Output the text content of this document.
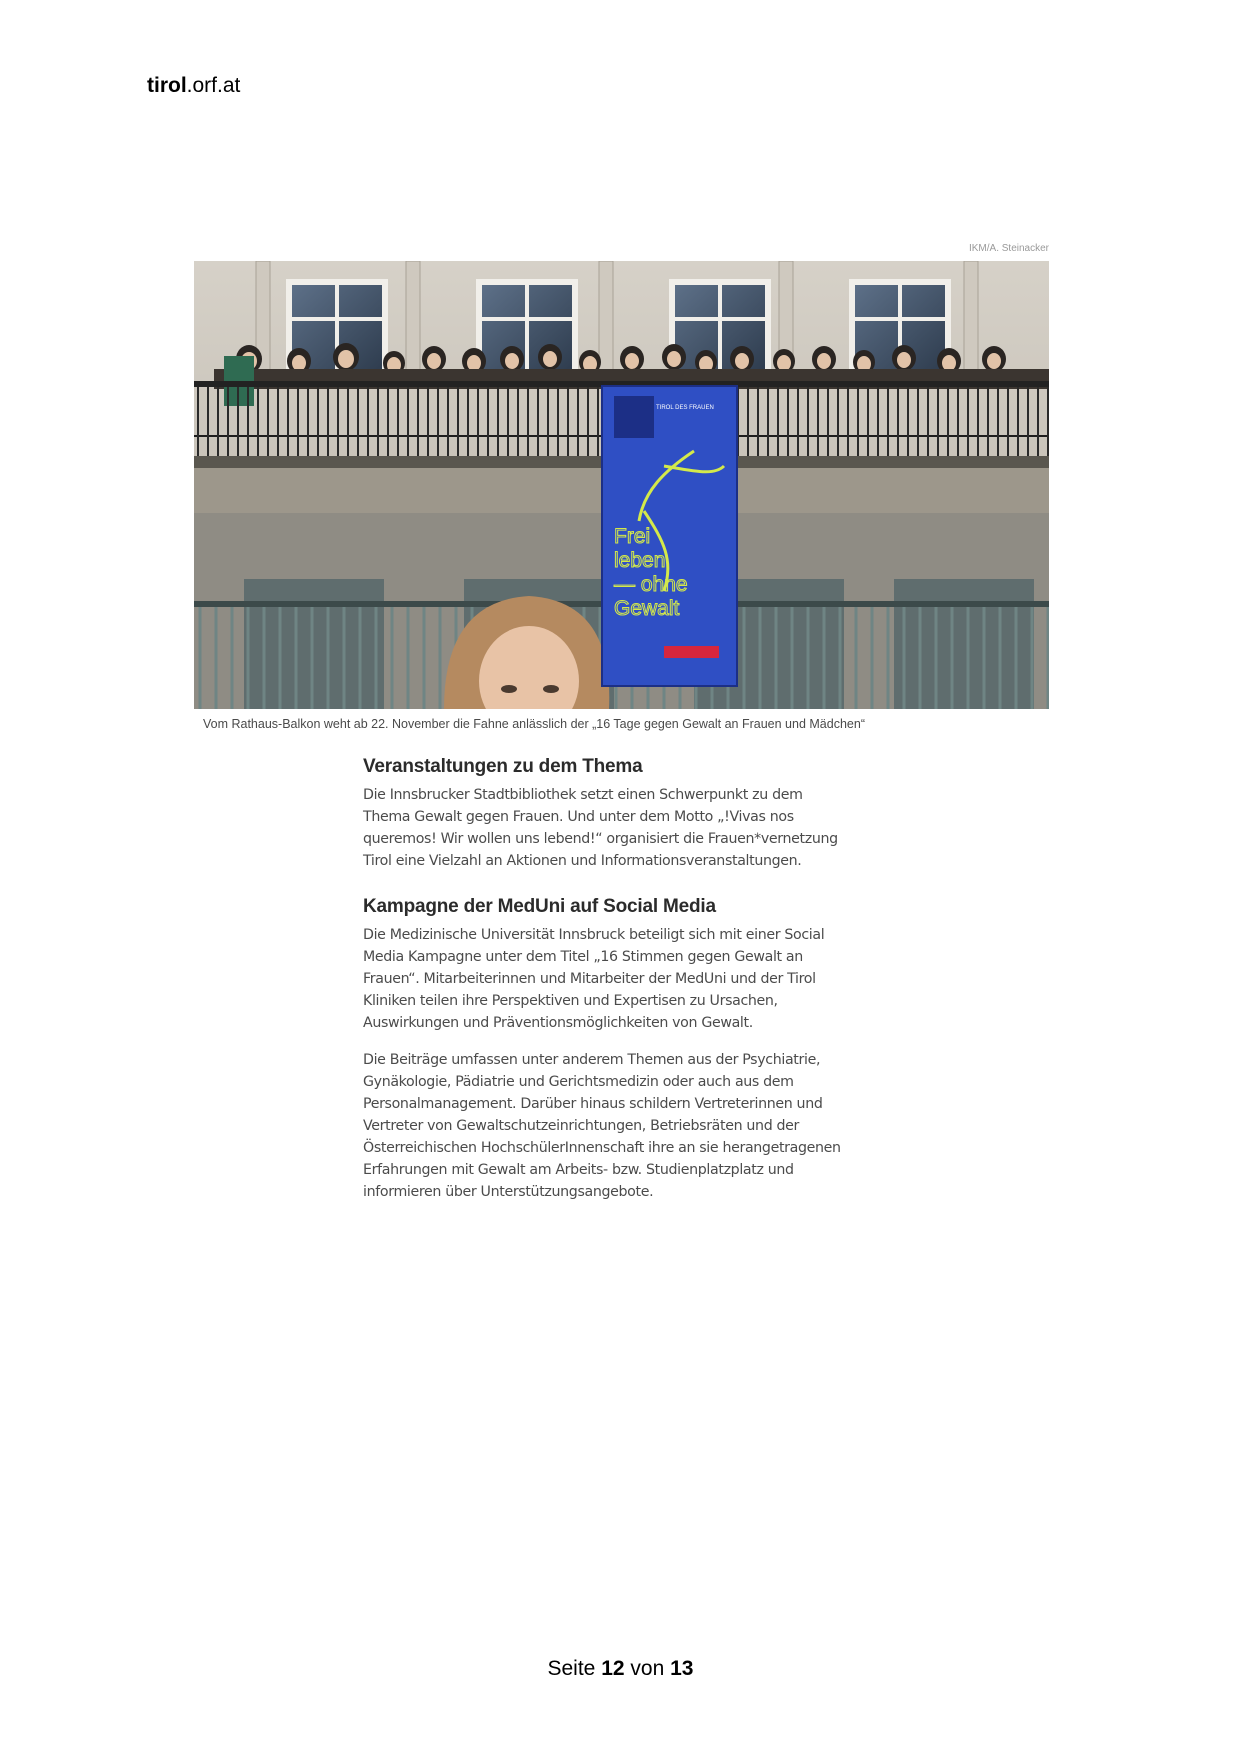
tirol.orf.at
IKM/A. Steinacker
TIROL DES FRAUEN
Frei
leben
— ohne
Gewalt
Vom Rathaus-Balkon weht ab 22. November die Fahne anlässlich der „16 Tage gegen Gewalt an Frauen und Mädchen“
Veranstaltungen zu dem Thema

Die Innsbrucker Stadtbibliothek setzt einen Schwerpunkt zu dem
Thema Gewalt gegen Frauen. Und unter dem Motto „!Vivas nos
queremos! Wir wollen uns lebend!“ organisiert die Frauen*vernetzung
Tirol eine Vielzahl an Aktionen und Informationsveranstaltungen.

Kampagne der MedUni auf Social Media

Die Medizinische Universität Innsbruck beteiligt sich mit einer Social
Media Kampagne unter dem Titel „16 Stimmen gegen Gewalt an
Frauen“. Mitarbeiterinnen und Mitarbeiter der MedUni und der Tirol
Kliniken teilen ihre Perspektiven und Expertisen zu Ursachen,
Auswirkungen und Präventionsmöglichkeiten von Gewalt.

Die Beiträge umfassen unter anderem Themen aus der Psychiatrie,
Gynäkologie, Pädiatrie und Gerichtsmedizin oder auch aus dem
Personalmanagement. Darüber hinaus schildern Vertreterinnen und
Vertreter von Gewaltschutzeinrichtungen, Betriebsräten und der
Österreichischen HochschülerInnenschaft ihre an sie herangetragenen
Erfahrungen mit Gewalt am Arbeits- bzw. Studienplatzplatz und
informieren über Unterstützungsangebote.

Seite 12 von 13
